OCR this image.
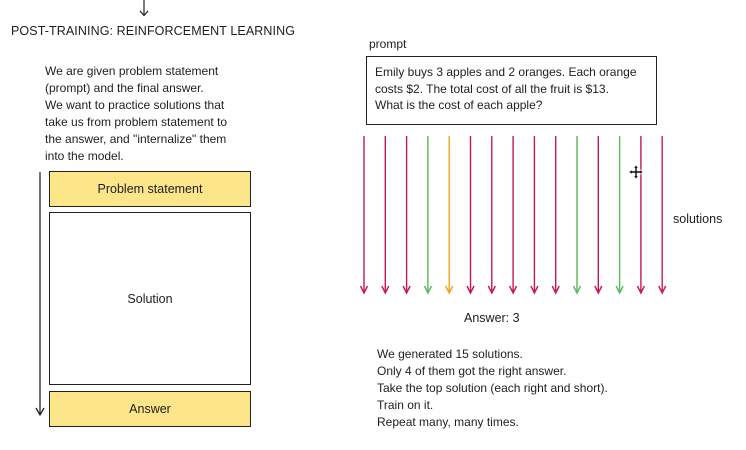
POST-TRAINING: REINFORCEMENT LEARNING
We are given problem statement
(prompt) and the final answer.
We want to practice solutions that
take us from problem statement to
the answer, and "internalize" them
into the model.
Problem statement
Solution
Answer
prompt
Emily buys 3 apples and 2 oranges. Each orange
costs $2. The total cost of all the fruit is $13.
What is the cost of each apple?
solutions
Answer: 3
We generated 15 solutions.
Only 4 of them got the right answer.
Take the top solution (each right and short).
Train on it.
Repeat many, many times.
